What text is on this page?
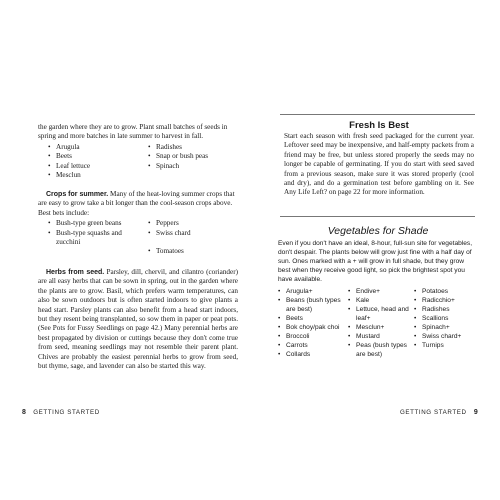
the garden where they are to grow. Plant small batches of seeds in spring and more batches in late summer to harvest in fall.

• Arugula	• Radishes
• Beets	• Snap or bush peas
• Leaf lettuce	• Spinach
• Mesclun

Crops for summer. Many of the heat-loving summer crops that are easy to grow take a bit longer than the cool-season crops above. Best bets include:

• Bush-type green beans	• Peppers
• Bush-type squashs and zucchini
• Swiss chard
• Tomatoes

Herbs from seed. Parsley, dill, chervil, and cilantro (coriander) are all easy herbs that can be sown in spring, out in the garden where the plants are to grow. Basil, which prefers warm temperatures, can also be sown outdoors but is often started indoors to give plants a head start. Parsley plants can also benefit from a head start indoors, but they resent being transplanted, so sow them in paper or peat pots. (See Pots for Fussy Seedlings on page 42.) Many perennial herbs are best propagated by division or cuttings because they don't come true from seed, meaning seedlings may not resemble their parent plant. Chives are probably the easiest perennial herbs to grow from seed, but thyme, sage, and lavender can also be started this way.

8 GETTING STARTED
Fresh Is Best

Start each season with fresh seed packaged for the current year. Leftover seed may be inexpensive, and half-empty packets from a friend may be free, but unless stored properly the seeds may no longer be capable of germinating. If you do start with seed saved from a previous season, make sure it was stored properly (cool and dry), and do a germination test before gambling on it. See Any Life Left? on page 22 for more information.

Vegetables for Shade

Even if you don't have an ideal, 8-hour, full-sun site for vegetables, don't despair. The plants below will grow just fine with a half day of sun. Ones marked with a + will grow in full shade, but they grow best when they receive good light, so pick the brightest spot you have available.

• Arugula+
• Beans (bush types are best)
• Beets
• Bok choy/pak choi
• Broccoli
• Carrots
• Collards
• Endive+
• Kale
• Lettuce, head and leaf+
• Mesclun+
• Mustard
• Peas (bush types are best)
• Potatoes
• Radicchio+
• Radishes
• Scallions
• Spinach+
• Swiss chard+
• Turnips
GETTING STARTED 9
